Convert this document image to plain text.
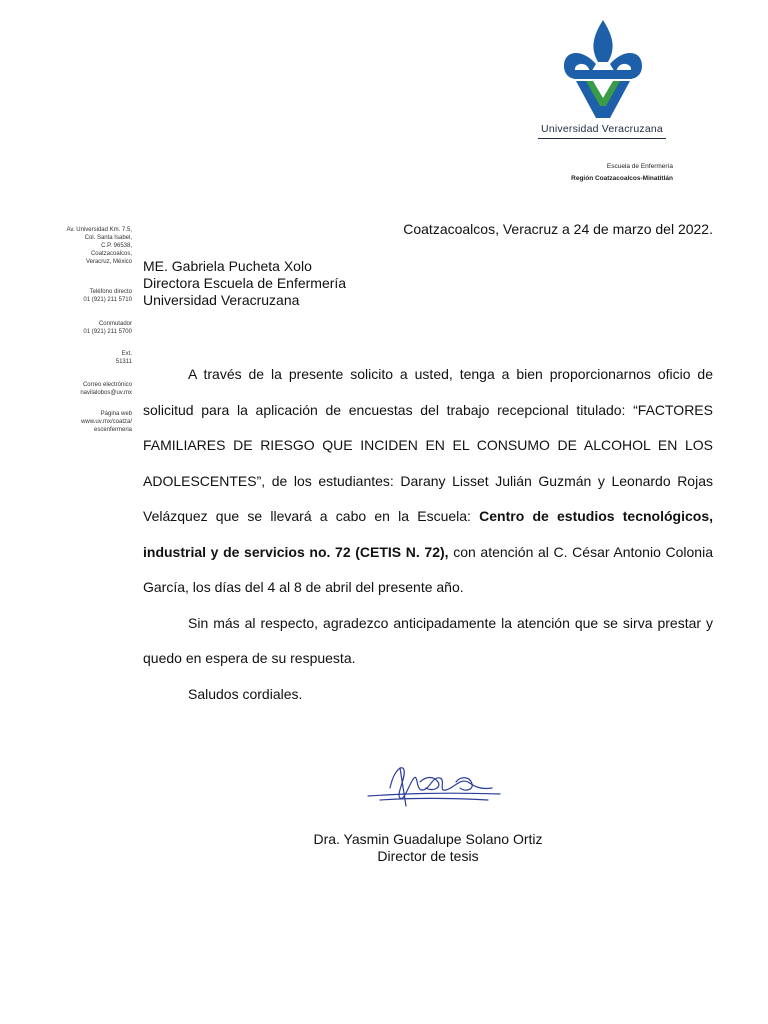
Universidad Veracruzana
Escuela de Enfermería
Región Coatzacoalcos-Minatitlán
Av. Universidad Km. 7.5,
Col. Santa Isabel,
C.P. 96538,
Coatzacoalcos,
Veracruz, México
Teléfono directo
01 (921) 211 5710
Conmutador
01 (921) 211 5700
Ext.
51311
Correo electrónico
navilalobos@uv.mx
Página web
www.uv.mx/coatza/
escenfermeria
Coatzacoalcos, Veracruz a 24 de marzo del 2022.
ME. Gabriela Pucheta Xolo
Directora Escuela de Enfermería
Universidad Veracruzana

A través de la presente solicito a usted, tenga a bien proporcionarnos oficio de solicitud para la aplicación de encuestas del trabajo recepcional titulado: “FACTORES FAMILIARES DE RIESGO QUE INCIDEN EN EL CONSUMO DE ALCOHOL EN LOS ADOLESCENTES”, de los estudiantes: Darany Lisset Julián Guzmán y Leonardo Rojas Velázquez que se llevará a cabo en la Escuela: Centro de estudios tecnológicos, industrial y de servicios no. 72 (CETIS N. 72), con atención al C. César Antonio Colonia García, los días del 4 al 8 de abril del presente año.

Sin más al respecto, agradezco anticipadamente la atención que se sirva prestar y quedo en espera de su respuesta.

Saludos cordiales.

Dra. Yasmin Guadalupe Solano Ortiz
Director de tesis
